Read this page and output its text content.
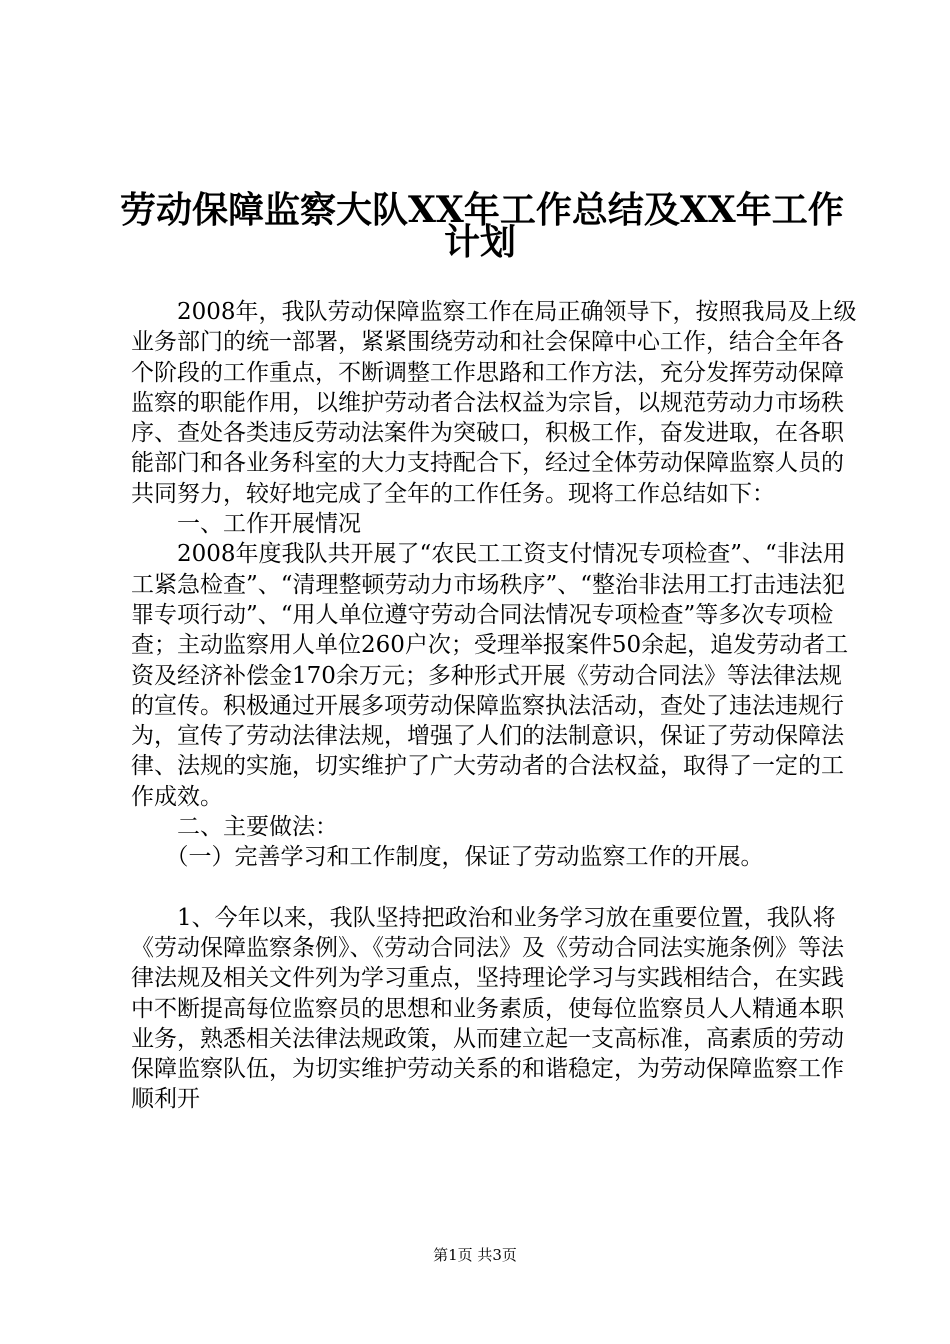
劳动保障监察大队XX年工作总结及XX年工作
计划

2008年，我队劳动保障监察工作在局正确领导下，按照我局及上级业务部门的统一部署，紧紧围绕劳动和社会保障中心工作，结合全年各个阶段的工作重点，不断调整工作思路和工作方法，充分发挥劳动保障监察的职能作用，以维护劳动者合法权益为宗旨，以规范劳动力市场秩序、查处各类违反劳动法案件为突破口，积极工作，奋发进取，在各职能部门和各业务科室的大力支持配合下，经过全体劳动保障监察人员的共同努力，较好地完成了全年的工作任务。现将工作总结如下：

一、工作开展情况

2008年度我队共开展了“农民工工资支付情况专项检查”、“非法用工紧急检查”、“清理整顿劳动力市场秩序”、“整治非法用工打击违法犯罪专项行动”、“用人单位遵守劳动合同法情况专项检查”等多次专项检查；主动监察用人单位260户次；受理举报案件50余起，追发劳动者工资及经济补偿金170余万元；多种形式开展《劳动合同法》等法律法规的宣传。积极通过开展多项劳动保障监察执法活动，查处了违法违规行为，宣传了劳动法律法规，增强了人们的法制意识，保证了劳动保障法律、法规的实施，切实维护了广大劳动者的合法权益，取得了一定的工作成效。

二、主要做法：

（一）完善学习和工作制度，保证了劳动监察工作的开展。

1、今年以来，我队坚持把政治和业务学习放在重要位置，我队将《劳动保障监察条例》、《劳动合同法》及《劳动合同法实施条例》等法律法规及相关文件列为学习重点，坚持理论学习与实践相结合，在实践中不断提高每位监察员的思想和业务素质，使每位监察员人人精通本职业务，熟悉相关法律法规政策，从而建立起一支高标准，高素质的劳动保障监察队伍，为切实维护劳动关系的和谐稳定，为劳动保障监察工作顺利开

第1页 共3页
